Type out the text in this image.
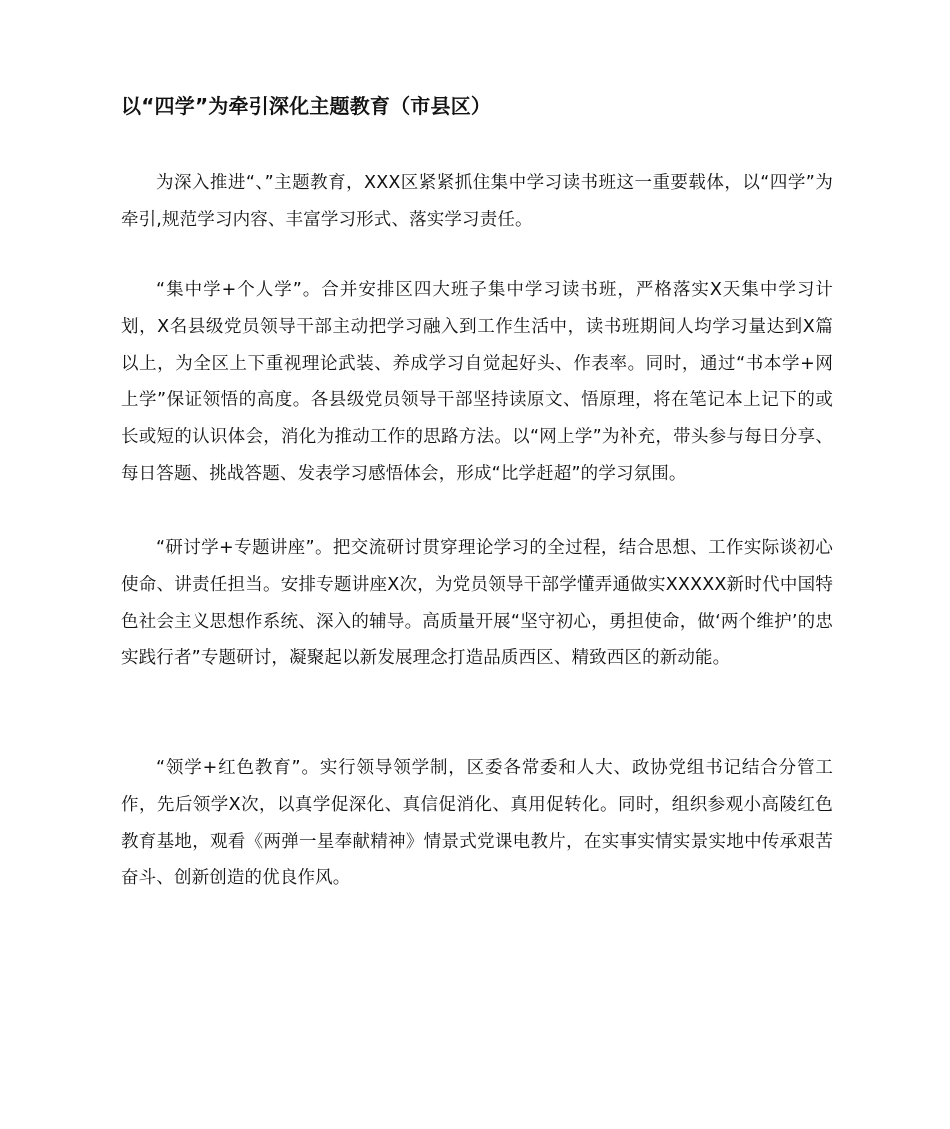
以“四学”为牵引深化主题教育（市县区）

为深入推进“、”主题教育，XXX区紧紧抓住集中学习读书班这一重要载体，以“四学”为牵引,规范学习内容、丰富学习形式、落实学习责任。

“集中学+个人学”。合并安排区四大班子集中学习读书班，严格落实X天集中学习计划，X名县级党员领导干部主动把学习融入到工作生活中，读书班期间人均学习量达到X篇以上，为全区上下重视理论武装、养成学习自觉起好头、作表率。同时，通过“书本学+网上学”保证领悟的高度。各县级党员领导干部坚持读原文、悟原理，将在笔记本上记下的或长或短的认识体会，消化为推动工作的思路方法。以“网上学”为补充，带头参与每日分享、每日答题、挑战答题、发表学习感悟体会，形成“比学赶超”的学习氛围。

“研讨学+专题讲座”。把交流研讨贯穿理论学习的全过程，结合思想、工作实际谈初心使命、讲责任担当。安排专题讲座X次，为党员领导干部学懂弄通做实XXXXX新时代中国特色社会主义思想作系统、深入的辅导。高质量开展“坚守初心，勇担使命，做‘两个维护’的忠实践行者”专题研讨，凝聚起以新发展理念打造品质西区、精致西区的新动能。

“领学+红色教育”。实行领导领学制，区委各常委和人大、政协党组书记结合分管工作，先后领学X次，以真学促深化、真信促消化、真用促转化。同时，组织参观小高陵红色教育基地，观看《两弹一星奉献精神》情景式党课电教片，在实事实情实景实地中传承艰苦奋斗、创新创造的优良作风。
